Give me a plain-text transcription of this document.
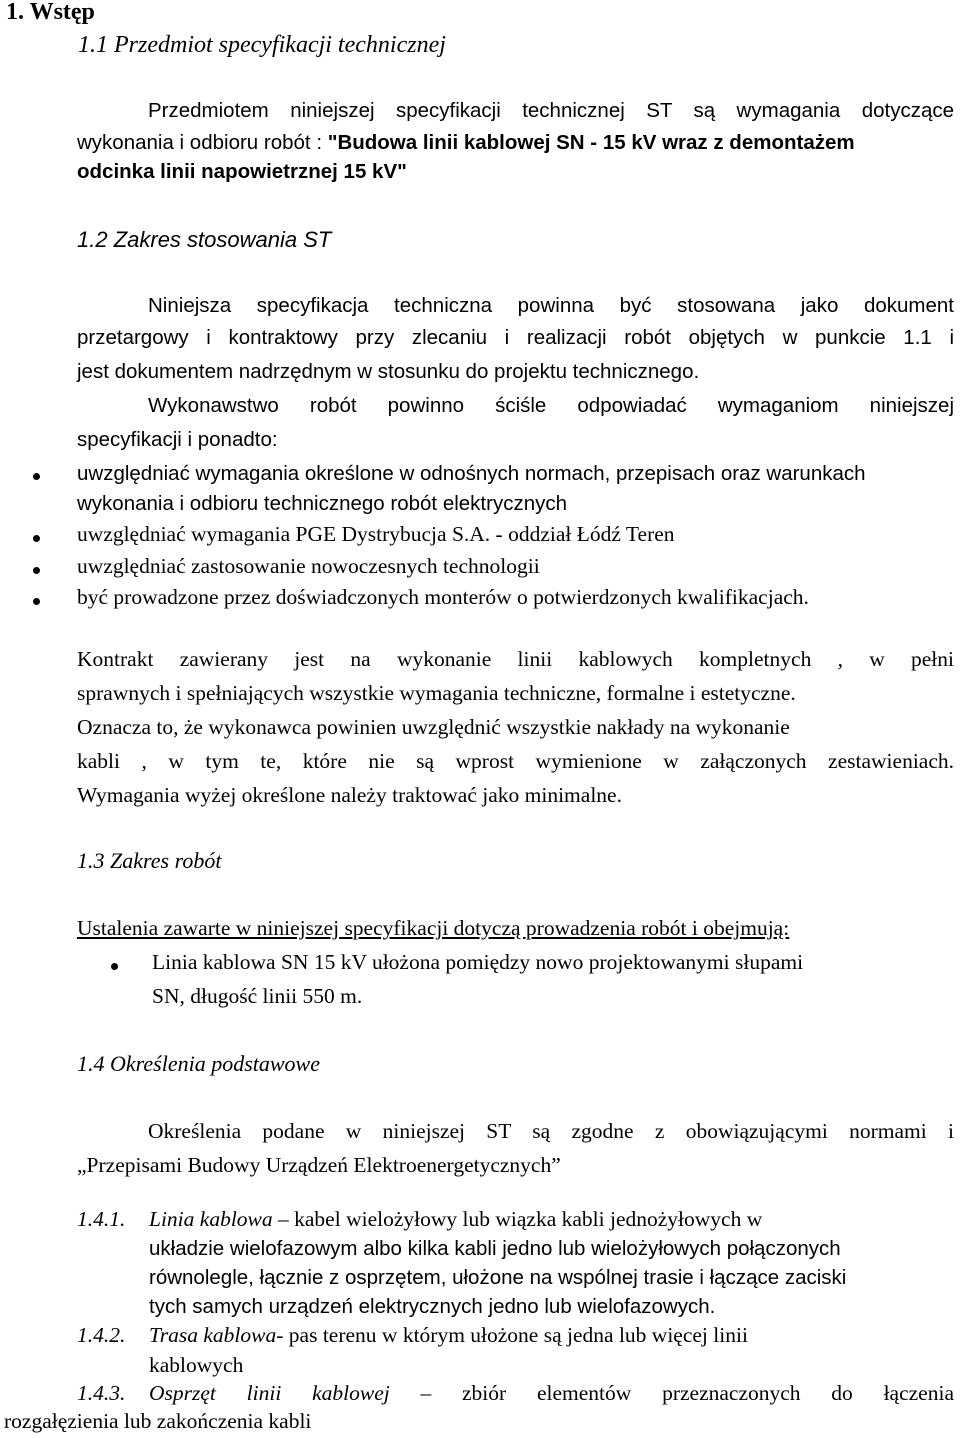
1. Wstęp
1.1 Przedmiot specyfikacji technicznej
Przedmiotem niniejszej specyfikacji technicznej ST są wymagania dotyczące
wykonania i odbioru robót : "Budowa linii kablowej SN - 15 kV wraz z demontażem
odcinka linii napowietrznej 15 kV"
1.2 Zakres stosowania ST
Niniejsza specyfikacja techniczna powinna być stosowana jako dokument
przetargowy i kontraktowy przy zlecaniu i realizacji robót objętych w punkcie 1.1 i
jest dokumentem nadrzędnym w stosunku do projektu technicznego.
Wykonawstwo robót powinno ściśle odpowiadać wymaganiom niniejszej
specyfikacji i ponadto:
uwzględniać wymagania określone w odnośnych normach, przepisach oraz warunkach
wykonania i odbioru technicznego robót elektrycznych
uwzględniać wymagania PGE Dystrybucja S.A. - oddział Łódź Teren
uwzględniać zastosowanie nowoczesnych technologii
być prowadzone przez doświadczonych monterów o potwierdzonych kwalifikacjach.
Kontrakt zawierany jest na wykonanie linii kablowych kompletnych , w pełni
sprawnych i spełniających wszystkie wymagania techniczne, formalne i estetyczne.
Oznacza to, że wykonawca powinien uwzględnić wszystkie nakłady na wykonanie
kabli , w tym te, które nie są wprost wymienione w załączonych zestawieniach.
Wymagania wyżej określone należy traktować jako minimalne.
1.3 Zakres robót
Ustalenia zawarte w niniejszej specyfikacji dotyczą prowadzenia robót i obejmują:
Linia kablowa SN 15 kV ułożona pomiędzy nowo projektowanymi słupami
SN, długość linii 550 m.
1.4 Określenia podstawowe
Określenia podane w niniejszej ST są zgodne z obowiązującymi normami i
„Przepisami Budowy Urządzeń Elektroenergetycznych”
1.4.1. Linia kablowa – kabel wielożyłowy lub wiązka kabli jednożyłowych w
układzie wielofazowym albo kilka kabli jedno lub wielożyłowych połączonych
równolegle, łącznie z osprzętem, ułożone na wspólnej trasie i łączące zaciski
tych samych urządzeń elektrycznych jedno lub wielofazowych.
1.4.2. Trasa kablowa- pas terenu w którym ułożone są jedna lub więcej linii
kablowych
1.4.3. Osprzęt linii kablowej – zbiór elementów przeznaczonych do łączenia
rozgałęzienia lub zakończenia kabli
